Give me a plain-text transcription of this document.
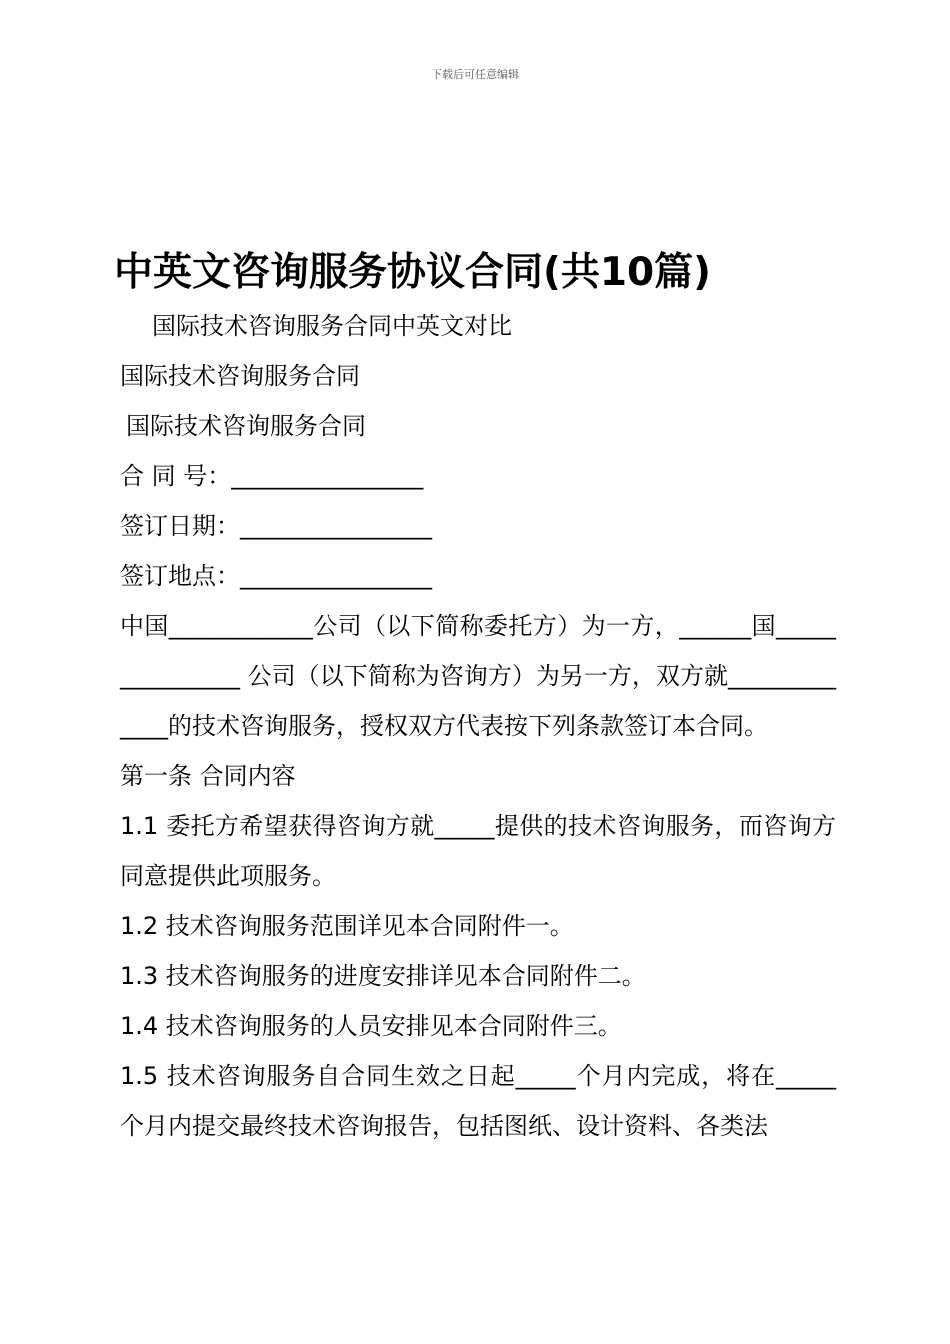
下载后可任意编辑
中英文咨询服务协议合同(共10篇)

国际技术咨询服务合同中英文对比

国际技术咨询服务合同

国际技术咨询服务合同

合 同 号：________________

签订日期：________________

签订地点：________________

中国____________公司（以下简称委托方）为一方，______国_______________ 公司（以下简称为咨询方）为另一方，双方就_____________的技术咨询服务，授权双方代表按下列条款签订本合同。

第一条 合同内容

1.1 委托方希望获得咨询方就_____提供的技术咨询服务，而咨询方同意提供此项服务。

1.2 技术咨询服务范围详见本合同附件一。

1.3 技术咨询服务的进度安排详见本合同附件二。

1.4 技术咨询服务的人员安排见本合同附件三。

1.5 技术咨询服务自合同生效之日起_____个月内完成，将在_____个月内提交最终技术咨询报告，包括图纸、设计资料、各类法
